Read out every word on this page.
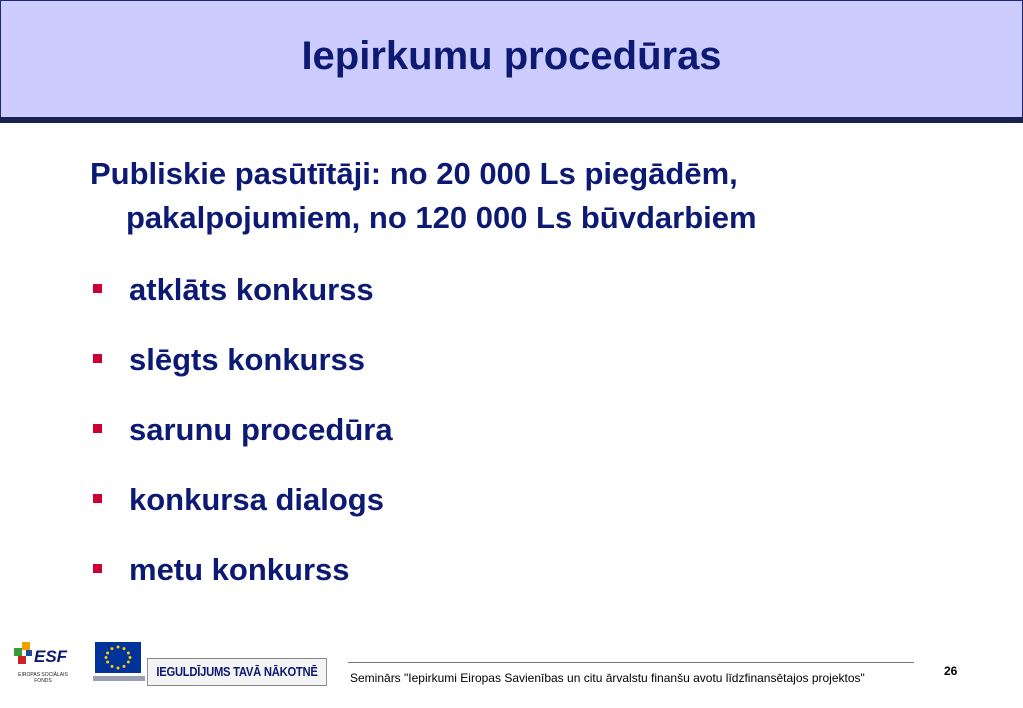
Iepirkumu procedūras
Publiskie pasūtītāji: no 20 000 Ls piegādēm,
pakalpojumiem, no 120 000 Ls būvdarbiem
atklāts konkurss
slēgts konkurss
sarunu procedūra
konkursa dialogs
metu konkurss
ESF
EIROPAS SOCIĀLAIS FONDS
IEGULDĪJUMS TAVĀ NĀKOTNĒ	Seminārs "Iepirkumi Eiropas Savienības un citu ārvalstu finanšu avotu līdzfinansētajos projektos"	26
